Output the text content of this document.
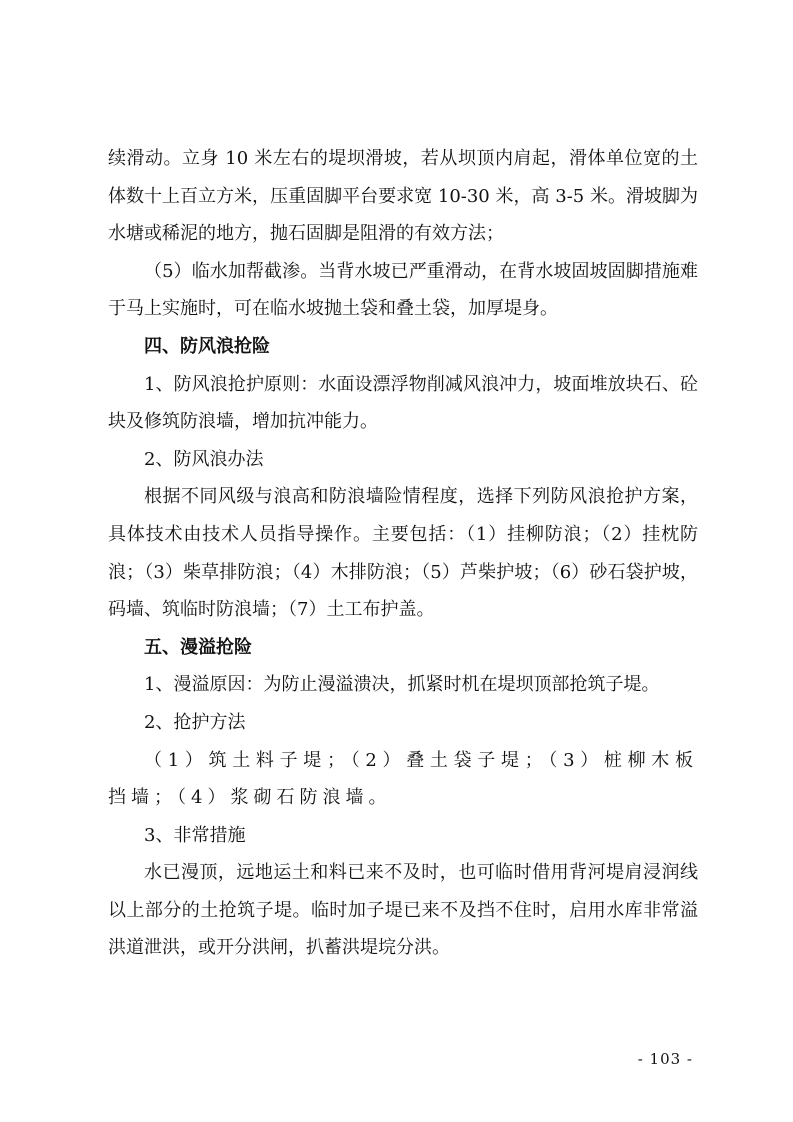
续滑动。立身 10 米左右的堤坝滑坡，若从坝顶内肩起，滑体单位宽的土体数十上百立方米，压重固脚平台要求宽 10-30 米，高 3-5 米。滑坡脚为水塘或稀泥的地方，抛石固脚是阻滑的有效方法；

（5）临水加帮截渗。当背水坡已严重滑动，在背水坡固坡固脚措施难于马上实施时，可在临水坡抛土袋和叠土袋，加厚堤身。

四、防风浪抢险

1、防风浪抢护原则：水面设漂浮物削减风浪冲力，坡面堆放块石、砼块及修筑防浪墙，增加抗冲能力。

2、防风浪办法

根据不同风级与浪高和防浪墙险情程度，选择下列防风浪抢护方案，具体技术由技术人员指导操作。主要包括：（1）挂柳防浪；（2）挂枕防浪；（3）柴草排防浪；（4）木排防浪；（5）芦柴护坡；（6）砂石袋护坡，码墙、筑临时防浪墙；（7）土工布护盖。

五、漫溢抢险

1、漫溢原因：为防止漫溢溃决，抓紧时机在堤坝顶部抢筑子堤。

2、抢护方法

（1）筑土料子堤；（2）叠土袋子堤；（3）桩柳木板挡墙；（4）浆砌石防浪墙。

3、非常措施

水已漫顶，远地运土和料已来不及时，也可临时借用背河堤肩浸润线以上部分的土抢筑子堤。临时加子堤已来不及挡不住时，启用水库非常溢洪道泄洪，或开分洪闸，扒蓄洪堤垸分洪。

- 103 -
